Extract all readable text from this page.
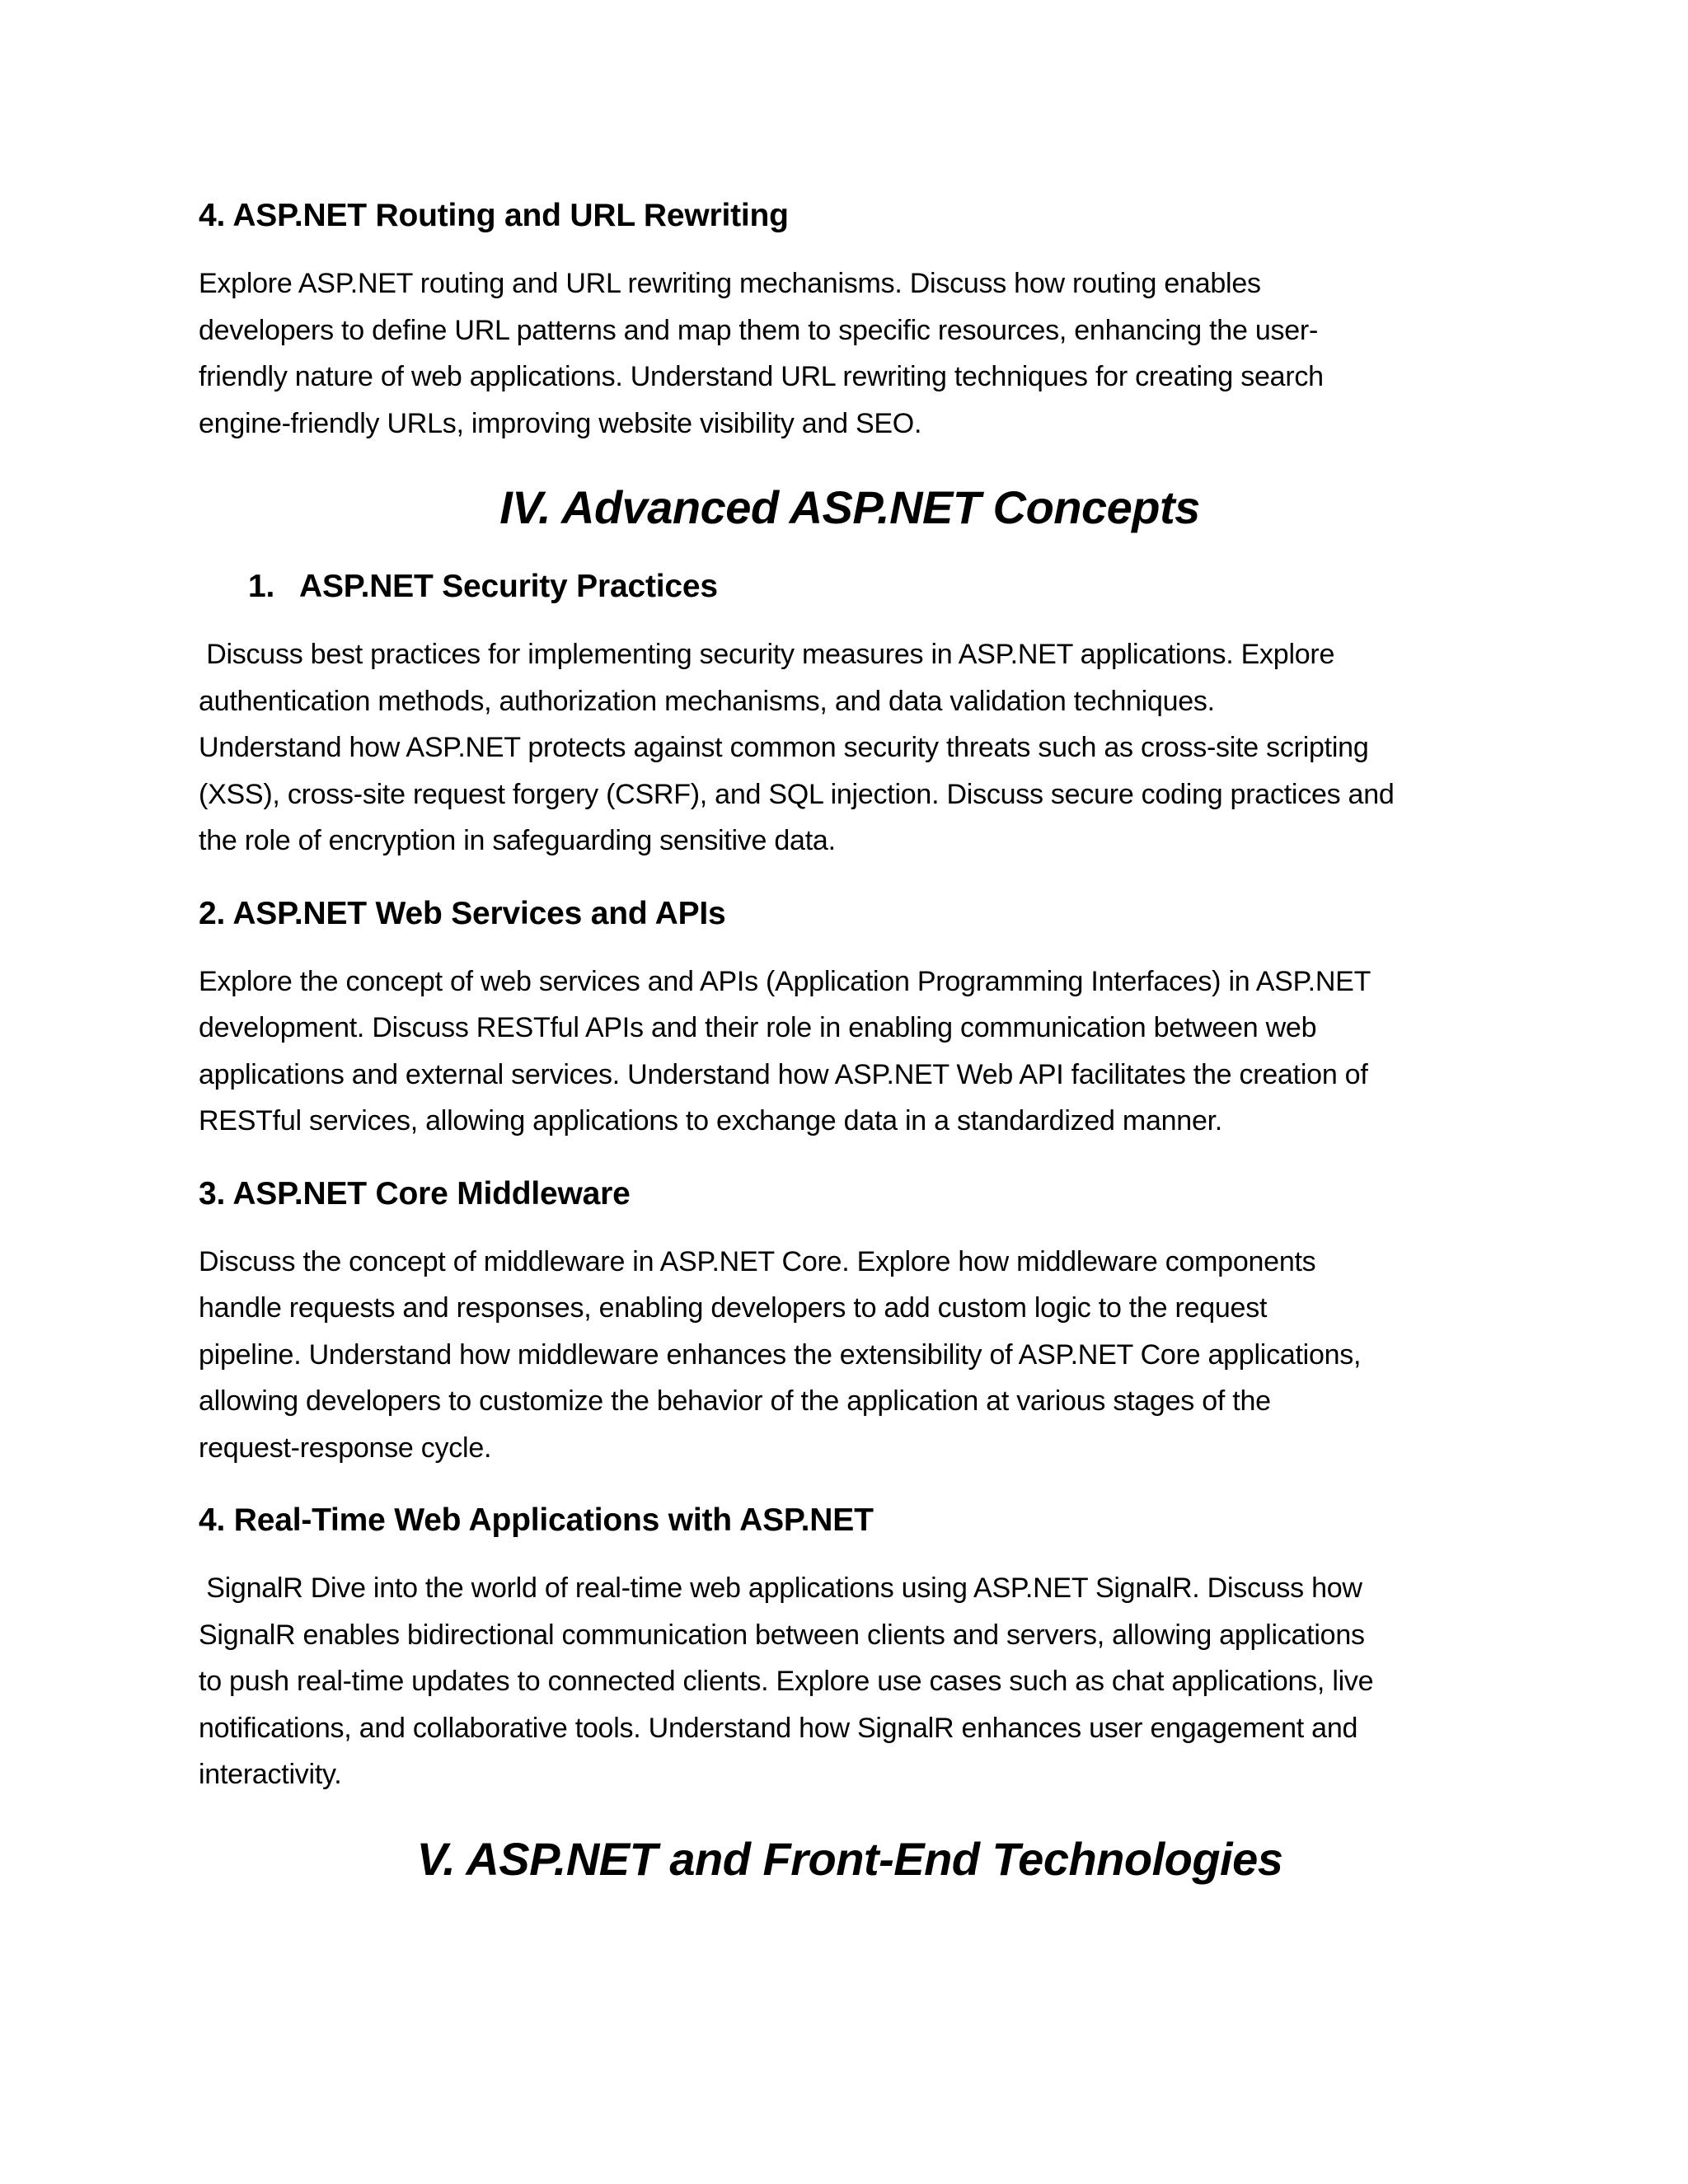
4. ASP.NET Routing and URL Rewriting
Explore ASP.NET routing and URL rewriting mechanisms. Discuss how routing enables
developers to define URL patterns and map them to specific resources, enhancing the user-
friendly nature of web applications. Understand URL rewriting techniques for creating search
engine-friendly URLs, improving website visibility and SEO.
IV. Advanced ASP.NET Concepts
1. ASP.NET Security Practices
Discuss best practices for implementing security measures in ASP.NET applications. Explore
authentication methods, authorization mechanisms, and data validation techniques.
Understand how ASP.NET protects against common security threats such as cross-site scripting
(XSS), cross-site request forgery (CSRF), and SQL injection. Discuss secure coding practices and
the role of encryption in safeguarding sensitive data.
2. ASP.NET Web Services and APIs
Explore the concept of web services and APIs (Application Programming Interfaces) in ASP.NET
development. Discuss RESTful APIs and their role in enabling communication between web
applications and external services. Understand how ASP.NET Web API facilitates the creation of
RESTful services, allowing applications to exchange data in a standardized manner.
3. ASP.NET Core Middleware
Discuss the concept of middleware in ASP.NET Core. Explore how middleware components
handle requests and responses, enabling developers to add custom logic to the request
pipeline. Understand how middleware enhances the extensibility of ASP.NET Core applications,
allowing developers to customize the behavior of the application at various stages of the
request-response cycle.
4. Real-Time Web Applications with ASP.NET
SignalR Dive into the world of real-time web applications using ASP.NET SignalR. Discuss how
SignalR enables bidirectional communication between clients and servers, allowing applications
to push real-time updates to connected clients. Explore use cases such as chat applications, live
notifications, and collaborative tools. Understand how SignalR enhances user engagement and
interactivity.
V. ASP.NET and Front-End Technologies
